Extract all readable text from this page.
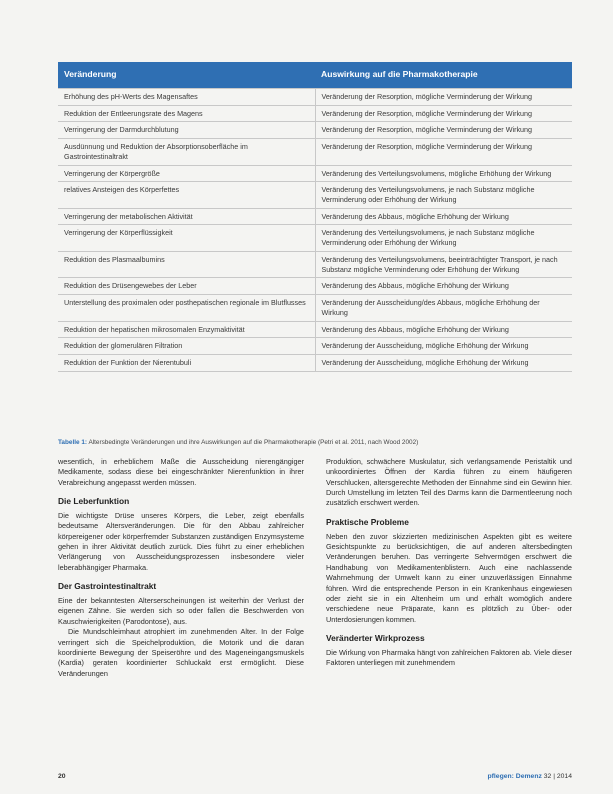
Veränderung	Auswirkung auf die Pharmakotherapie
Erhöhung des pH-Werts des Magensaftes	Veränderung der Resorption, mögliche Verminderung der Wirkung
Reduktion der Entleerungsrate des Magens	Veränderung der Resorption, mögliche Verminderung der Wirkung
Verringerung der Darmdurchblutung	Veränderung der Resorption, mögliche Verminderung der Wirkung
Ausdünnung und Reduktion der Absorptionsoberfläche im Gastrointestinaltrakt	Veränderung der Resorption, mögliche Verminderung der Wirkung
Verringerung der Körpergröße	Veränderung des Verteilungsvolumens, mögliche Erhöhung der Wirkung
relatives Ansteigen des Körperfettes	Veränderung des Verteilungsvolumens, je nach Substanz mögliche Verminderung oder Erhöhung der Wirkung
Verringerung der metabolischen Aktivität	Veränderung des Abbaus, mögliche Erhöhung der Wirkung
Verringerung der Körperflüssigkeit	Veränderung des Verteilungsvolumens, je nach Substanz mögliche Verminderung oder Erhöhung der Wirkung
Reduktion des Plasmaalbumins	Veränderung des Verteilungsvolumens, beeinträchtigter Transport, je nach Substanz mögliche Verminderung oder Erhöhung der Wirkung
Reduktion des Drüsengewebes der Leber	Veränderung des Abbaus, mögliche Erhöhung der Wirkung
Unterstellung des proximalen oder posthepatischen regionale im Blutflusses	Veränderung der Ausscheidung/des Abbaus, mögliche Erhöhung der Wirkung
Reduktion der hepatischen mikrosomalen Enzymaktivität	Veränderung des Abbaus, mögliche Erhöhung der Wirkung
Reduktion der glomerulären Filtration	Veränderung der Ausscheidung, mögliche Erhöhung der Wirkung
Reduktion der Funktion der Nierentubuli	Veränderung der Ausscheidung, mögliche Erhöhung der Wirkung
Tabelle 1: Altersbedingte Veränderungen und ihre Auswirkungen auf die Pharmakotherapie (Petri et al. 2011, nach Wood 2002)

wesentlich, in erheblichem Maße die Ausscheidung nierengängiger Medikamente, sodass diese bei eingeschränkter Nierenfunktion in ihrer Verabreichung angepasst werden müssen.

Die Leberfunktion

Die wichtigste Drüse unseres Körpers, die Leber, zeigt ebenfalls bedeutsame Altersveränderungen. Die für den Abbau zahlreicher körpereigener oder körperfremder Substanzen zuständigen Enzymsysteme gehen in ihrer Aktivität deutlich zurück. Dies führt zu einer erheblichen Verlängerung von Ausscheidungsprozessen insbesondere vieler leberabhängiger Pharmaka.

Der Gastrointestinaltrakt

Eine der bekanntesten Alterserscheinungen ist weiterhin der Verlust der eigenen Zähne. Sie werden sich so oder fallen die Beschwerden von Kauschwierigkeiten (Parodontose), aus.

Die Mundschleimhaut atrophiert im zunehmenden Alter. In der Folge verringert sich die Speichelproduktion, die Motorik und die daran koordinierte Bewegung der Speiseröhre und des Mageneingangsmuskels (Kardia) geraten koordinierter Schluckakt erst ermöglicht. Diese Veränderungen

Produktion, schwächere Muskulatur, sich verlangsamende Peristaltik und unkoordiniertes Öffnen der Kardia führen zu einem häufigeren Verschlucken, altersgerechte Methoden der Einnahme sind ein Gewinn hier. Durch Umstellung im letzten Teil des Darms kann die Darmentleerung noch zusätzlich erschwert werden.

Praktische Probleme

Neben den zuvor skizzierten medizinischen Aspekten gibt es weitere Gesichtspunkte zu berücksichtigen, die auf anderen altersbedingten Veränderungen beruhen. Das verringerte Sehvermögen erschwert die Handhabung von Medikamentenblistern. Auch eine nachlassende Wahrnehmung der Umwelt kann zu einer unzuverlässigen Einnahme führen. Wird die entsprechende Person in ein Krankenhaus eingewiesen oder zieht sie in ein Altenheim um und erhält womöglich andere verschiedene neue Präparate, kann es plötzlich zu Über- oder Unterdosierungen kommen.

Veränderter Wirkprozess

Die Wirkung von Pharmaka hängt von zahlreichen Faktoren ab. Viele dieser Faktoren unterliegen mit zunehmendem

20	pflegen: Demenz 32 | 2014
